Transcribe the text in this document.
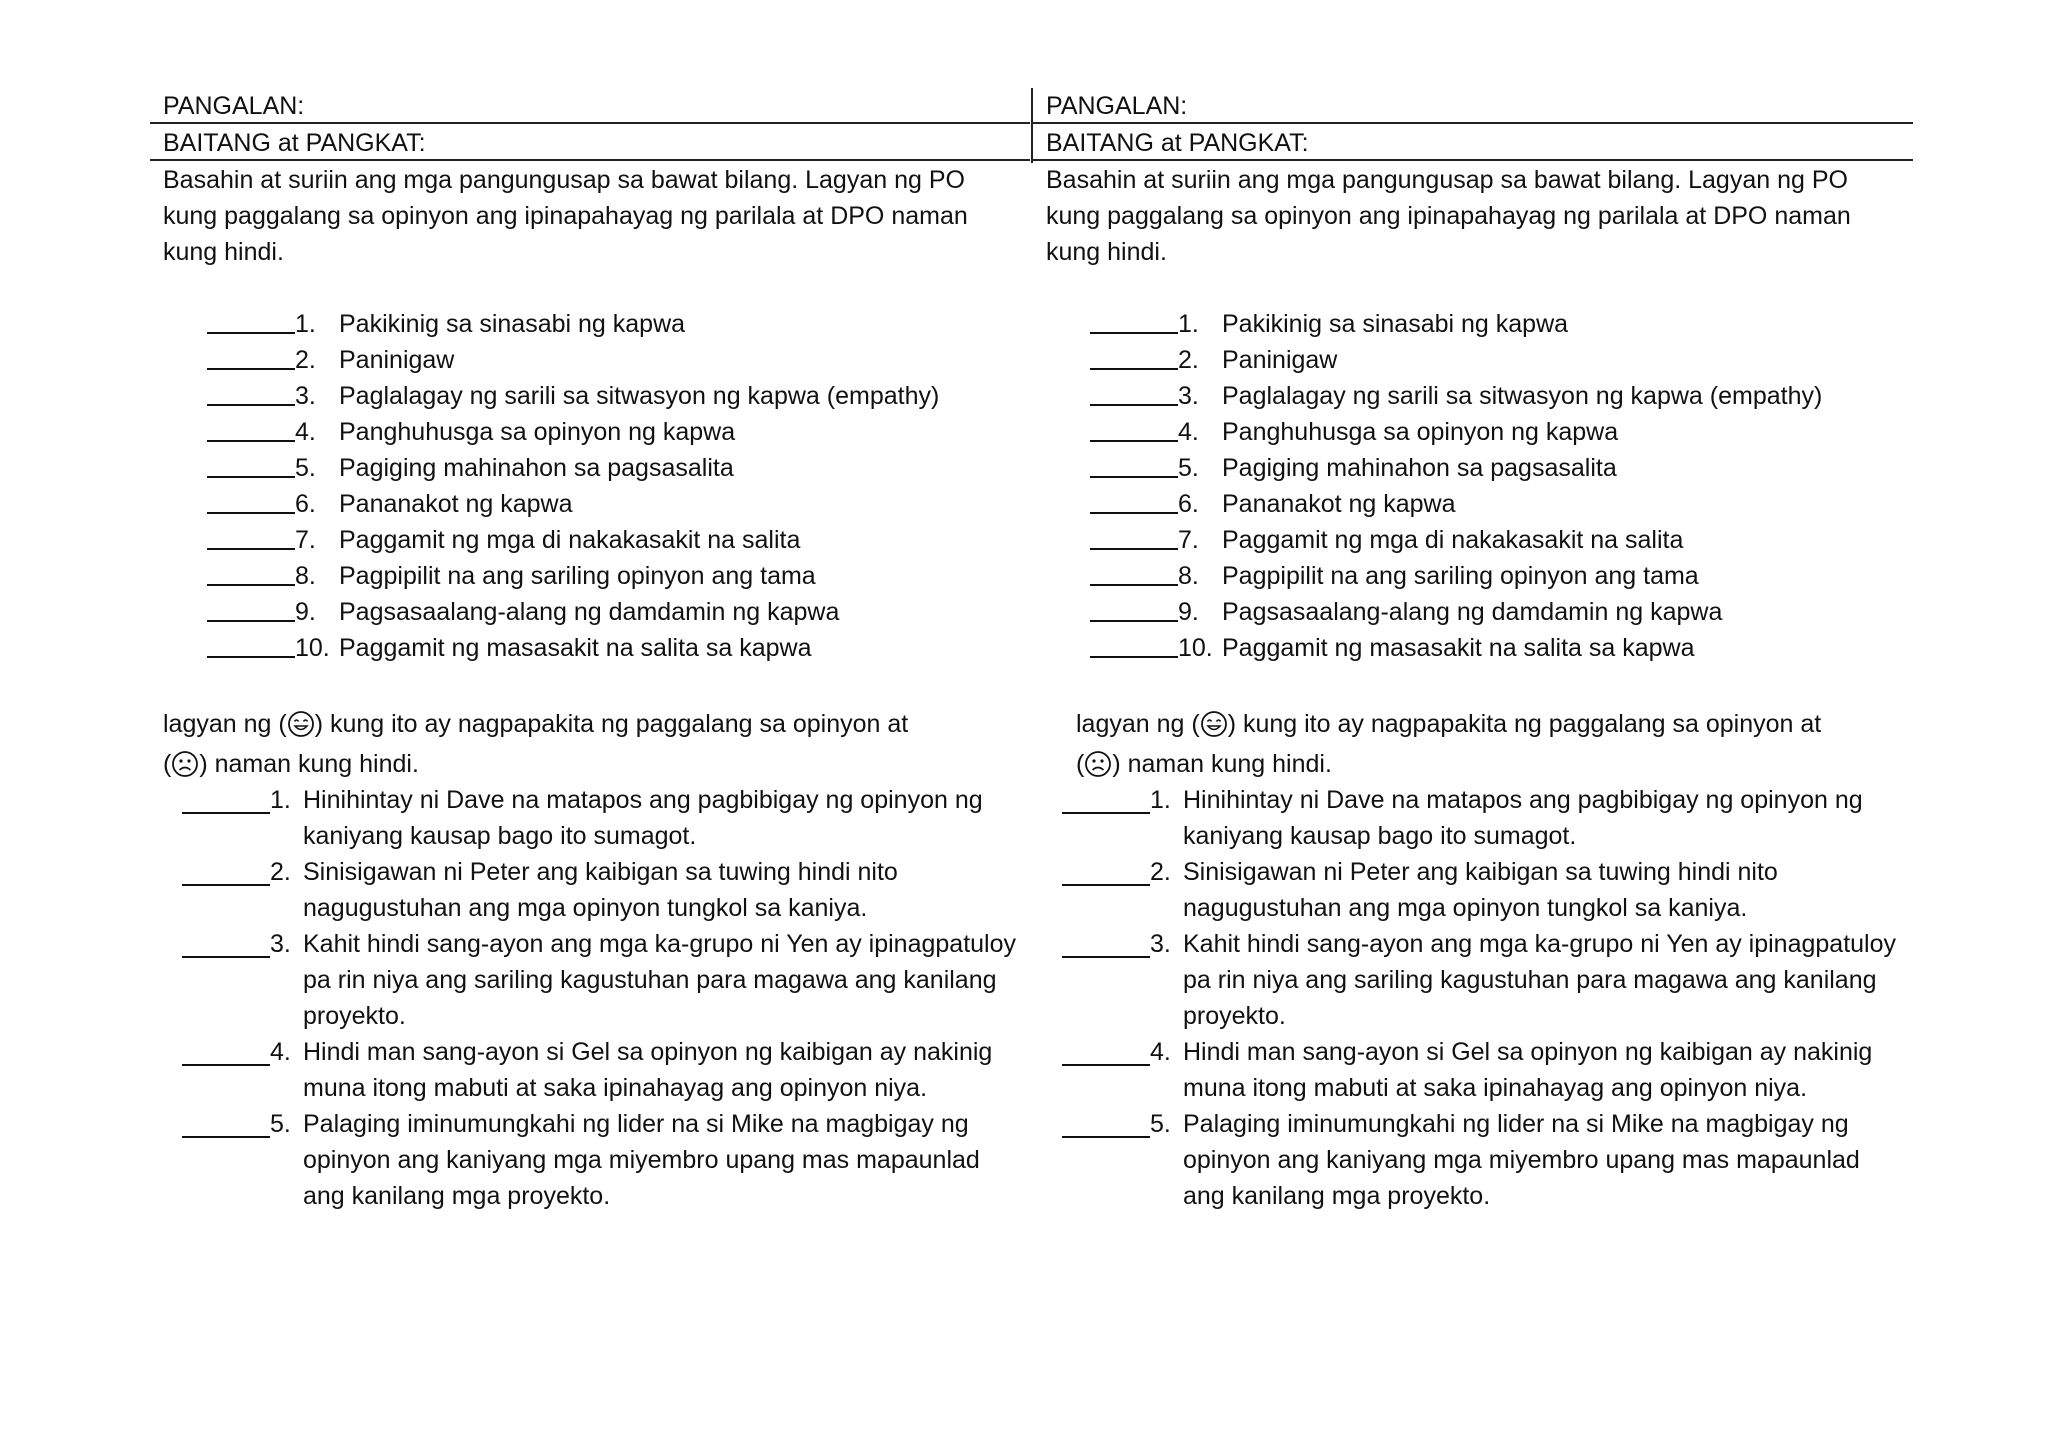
PANGALAN:
BAITANG at PANGKAT:
Basahin at suriin ang mga pangungusap sa bawat bilang. Lagyan ng PO kung paggalang sa opinyon ang ipinapahayag ng parilala at DPO naman kung hindi.
1. Pakikinig sa sinasabi ng kapwa
2. Paninigaw
3. Paglalagay ng sarili sa sitwasyon ng kapwa (empathy)
4. Panghuhusga sa opinyon ng kapwa
5. Pagiging mahinahon sa pagsasalita
6. Pananakot ng kapwa
7. Paggamit ng mga di nakakasakit na salita
8. Pagpipilit na ang sariling opinyon ang tama
9. Pagsasaalang-alang ng damdamin ng kapwa
10. Paggamit ng masasakit na salita sa kapwa
lagyan ng ( ) kung ito ay nagpapakita ng paggalang sa opinyon at
( ) naman kung hindi.
1. Hinihintay ni Dave na matapos ang pagbibigay ng opinyon ng kaniyang kausap bago ito sumagot.
2. Sinisigawan ni Peter ang kaibigan sa tuwing hindi nito nagugustuhan ang mga opinyon tungkol sa kaniya.
3. Kahit hindi sang-ayon ang mga ka-grupo ni Yen ay ipinagpatuloy pa rin niya ang sariling kagustuhan para magawa ang kanilang proyekto.
4. Hindi man sang-ayon si Gel sa opinyon ng kaibigan ay nakinig muna itong mabuti at saka ipinahayag ang opinyon niya.
5. Palaging iminumungkahi ng lider na si Mike na magbigay ng opinyon ang kaniyang mga miyembro upang mas mapaunlad ang kanilang mga proyekto.
PANGALAN:
BAITANG at PANGKAT:
Basahin at suriin ang mga pangungusap sa bawat bilang. Lagyan ng PO kung paggalang sa opinyon ang ipinapahayag ng parilala at DPO naman kung hindi.
1. Pakikinig sa sinasabi ng kapwa
2. Paninigaw
3. Paglalagay ng sarili sa sitwasyon ng kapwa (empathy)
4. Panghuhusga sa opinyon ng kapwa
5. Pagiging mahinahon sa pagsasalita
6. Pananakot ng kapwa
7. Paggamit ng mga di nakakasakit na salita
8. Pagpipilit na ang sariling opinyon ang tama
9. Pagsasaalang-alang ng damdamin ng kapwa
10. Paggamit ng masasakit na salita sa kapwa
lagyan ng ( ) kung ito ay nagpapakita ng paggalang sa opinyon at
( ) naman kung hindi.
1. Hinihintay ni Dave na matapos ang pagbibigay ng opinyon ng kaniyang kausap bago ito sumagot.
2. Sinisigawan ni Peter ang kaibigan sa tuwing hindi nito nagugustuhan ang mga opinyon tungkol sa kaniya.
3. Kahit hindi sang-ayon ang mga ka-grupo ni Yen ay ipinagpatuloy pa rin niya ang sariling kagustuhan para magawa ang kanilang proyekto.
4. Hindi man sang-ayon si Gel sa opinyon ng kaibigan ay nakinig muna itong mabuti at saka ipinahayag ang opinyon niya.
5. Palaging iminumungkahi ng lider na si Mike na magbigay ng opinyon ang kaniyang mga miyembro upang mas mapaunlad ang kanilang mga proyekto.
